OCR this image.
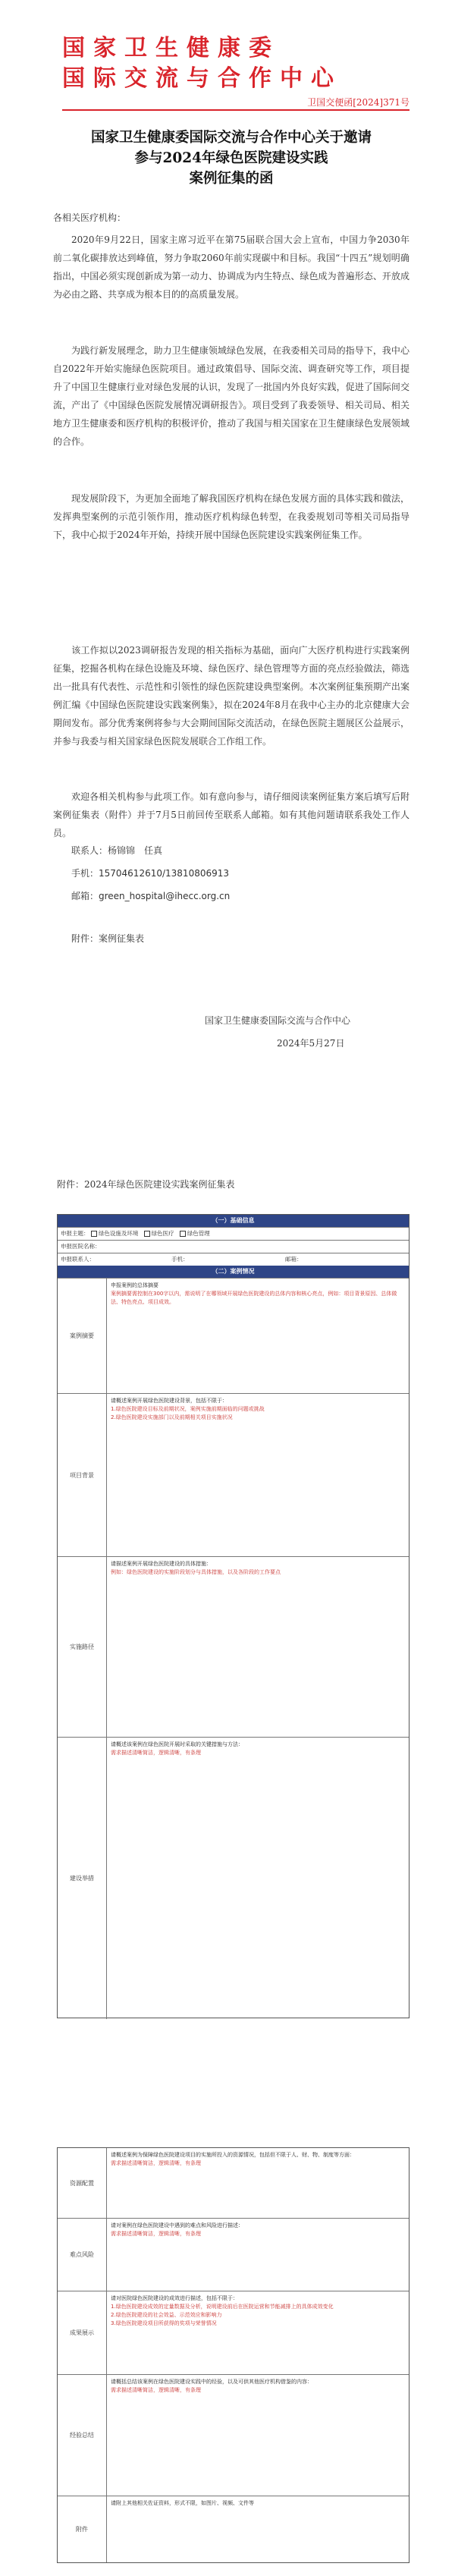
国家卫生健康委
国际交流与合作中心
卫国交便函[2024]371号
国家卫生健康委国际交流与合作中心关于邀请
参与2024年绿色医院建设实践
案例征集的函
各相关医疗机构：

2020年9月22日，国家主席习近平在第75届联合国大会上宣布，中国力争2030年前二氧化碳排放达到峰值，努力争取2060年前实现碳中和目标。我国“十四五”规划明确指出，中国必须实现创新成为第一动力、协调成为内生特点、绿色成为普遍形态、开放成为必由之路、共享成为根本目的的高质量发展。

为践行新发展理念，助力卫生健康领域绿色发展，在我委相关司局的指导下，我中心自2022年开始实施绿色医院项目。通过政策倡导、国际交流、调查研究等工作，项目提升了中国卫生健康行业对绿色发展的认识，发现了一批国内外良好实践，促进了国际间交流，产出了《中国绿色医院发展情况调研报告》。项目受到了我委领导、相关司局、相关地方卫生健康委和医疗机构的积极评价，推动了我国与相关国家在卫生健康绿色发展领域的合作。

现发展阶段下，为更加全面地了解我国医疗机构在绿色发展方面的具体实践和做法，发挥典型案例的示范引领作用，推动医疗机构绿色转型，在我委规划司等相关司局指导下，我中心拟于2024年开始，持续开展中国绿色医院建设实践案例征集工作。

该工作拟以2023调研报告发现的相关指标为基础，面向广大医疗机构进行实践案例征集，挖掘各机构在绿色设施及环境、绿色医疗、绿色管理等方面的亮点经验做法，筛选出一批具有代表性、示范性和引领性的绿色医院建设典型案例。本次案例征集预期产出案例汇编《中国绿色医院建设实践案例集》，拟在2024年8月在我中心主办的北京健康大会期间发布。部分优秀案例将参与大会期间国际交流活动，在绿色医院主题展区公益展示，并参与我委与相关国家绿色医院发展联合工作组工作。

欢迎各相关机构参与此项工作。如有意向参与，请仔细阅读案例征集方案后填写后附案例征集表（附件）并于7月5日前回传至联系人邮箱。如有其他问题请联系我处工作人员。

联系人：杨锦锦　任真
手机：15704612610/13810806913
邮箱：green_hospital@ihecc.org.cn
附件：案例征集表
国家卫生健康委国际交流与合作中心
2024年5月27日
附件：2024年绿色医院建设实践案例征集表
（一）基础信息
申报主题： 绿色设施及环境 绿色医疗 绿色管理
申报医院名称：
申报联系人：	手机：	邮箱：
（二）案例情况
案例摘要
申报案例的总体摘要
案例摘要需控制在300字以内，需说明了在哪领域开展绿色医院建设的总体内容和核心亮点，例如：项目背景原因、总体做法、特色亮点、项目成效。
项目背景
请概述案例开展绿色医院建设背景，包括不限于：
1.绿色医院建设目标及前期状况，案例实施前期面临的问题或挑战
2.绿色医院建设实施部门以及前期相关项目实施状况
实施路径
请描述案例开展绿色医院建设的具体措施：
例如：绿色医院建设的实施阶段划分与具体措施，以及各阶段的工作要点
建设举措
请概述该案例在绿色医院开展时采取的关键措施与方法：
需求描述清晰简洁，逻辑清晰，有条理
资源配置
请概述案例为保障绿色医院建设项目的实施所投入的资源情况，包括但不限于人、财、物、制度等方面：
需求描述清晰简洁，逻辑清晰，有条理
难点风险
请对案例在绿色医院建设中遇到的难点和风险进行描述：
需求描述清晰简洁，逻辑清晰，有条理
成果展示
请对医院绿色医院建设的成效进行描述，包括不限于：
1.绿色医院建设成效的定量数据及分析，说明建设前后在医院运营和节能减排上的具体成效变化
2.绿色医院建设的社会效益、示范效应和影响力
3.绿色医院建设项目所获得的奖项与荣誉情况
经验总结
请概括总结该案例在绿色医院建设实践中的经验，以及可供其他医疗机构借鉴的内容：
需求描述清晰简洁，逻辑清晰，有条理
附件
请附上其他相关佐证资料，形式不限，如图片、视频、文件等
